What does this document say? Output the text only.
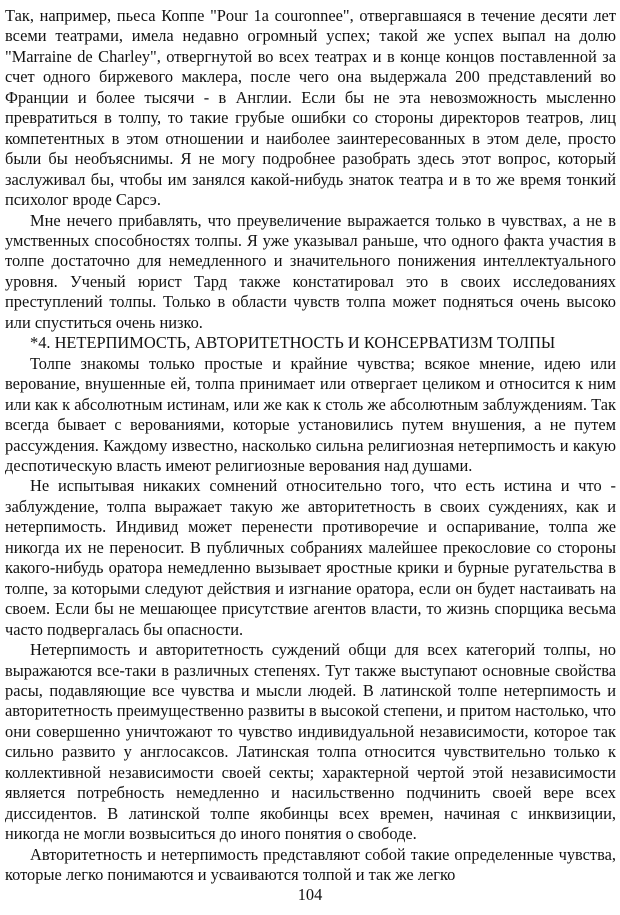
Так, например, пьеса Коппе "Pour 1a couronnee", отвергавшаяся в течение десяти лет всеми театрами, имела недавно огромный успех; такой же успех выпал на долю "Marraine de Charley", отвергнутой во всех театрах и в конце концов поставленной за счет одного биржевого маклера, после чего она выдержала 200 представлений во Франции и более тысячи - в Англии. Если бы не эта невозможность мысленно превратиться в толпу, то такие грубые ошибки со стороны директоров театров, лиц компетентных в этом отношении и наиболее заинтересованных в этом деле, просто были бы необъяснимы. Я не могу подробнее разобрать здесь этот вопрос, который заслуживал бы, чтобы им занялся какой-нибудь знаток театра и в то же время тонкий психолог вроде Сарсэ.

Мне нечего прибавлять, что преувеличение выражается только в чувствах, а не в умственных способностях толпы. Я уже указывал раньше, что одного факта участия в толпе достаточно для немедленного и значительного понижения интеллектуального уровня. Ученый юрист Тард также констатировал это в своих исследованиях преступлений толпы. Только в области чувств толпа может подняться очень высоко или спуститься очень низко.

*4. НЕТЕРПИМОСТЬ, АВТОРИТЕТНОСТЬ И КОНСЕРВАТИЗМ ТОЛПЫ

Толпе знакомы только простые и крайние чувства; всякое мнение, идею или верование, внушенные ей, толпа принимает или отвергает целиком и относится к ним или как к абсолютным истинам, или же как к столь же абсолютным заблуждениям. Так всегда бывает с верованиями, которые установились путем внушения, а не путем рассуждения. Каждому известно, насколько сильна религиозная нетерпимость и какую деспотическую власть имеют религиозные верования над душами.

Не испытывая никаких сомнений относительно того, что есть истина и что - заблуждение, толпа выражает такую же авторитетность в своих суждениях, как и нетерпимость. Индивид может перенести противоречие и оспаривание, толпа же никогда их не переносит. В публичных собраниях малейшее прекословие со стороны какого-нибудь оратора немедленно вызывает яростные крики и бурные ругательства в толпе, за которыми следуют действия и изгнание оратора, если он будет настаивать на своем. Если бы не мешающее присутствие агентов власти, то жизнь спорщика весьма часто подвергалась бы опасности.

Нетерпимость и авторитетность суждений общи для всех категорий толпы, но выражаются все-таки в различных степенях. Тут также выступают основные свойства расы, подавляющие все чувства и мысли людей. В латинской толпе нетерпимость и авторитетность преимущественно развиты в высокой степени, и притом настолько, что они совершенно уничтожают то чувство индивидуальной независимости, которое так сильно развито у англосаксов. Латинская толпа относится чувствительно только к коллективной независимости своей секты; характерной чертой этой независимости является потребность немедленно и насильственно подчинить своей вере всех диссидентов. В латинской толпе якобинцы всех времен, начиная с инквизиции, никогда не могли возвыситься до иного понятия о свободе.

Авторитетность и нетерпимость представляют собой такие определенные чувства, которые легко понимаются и усваиваются толпой и так же легко

104
